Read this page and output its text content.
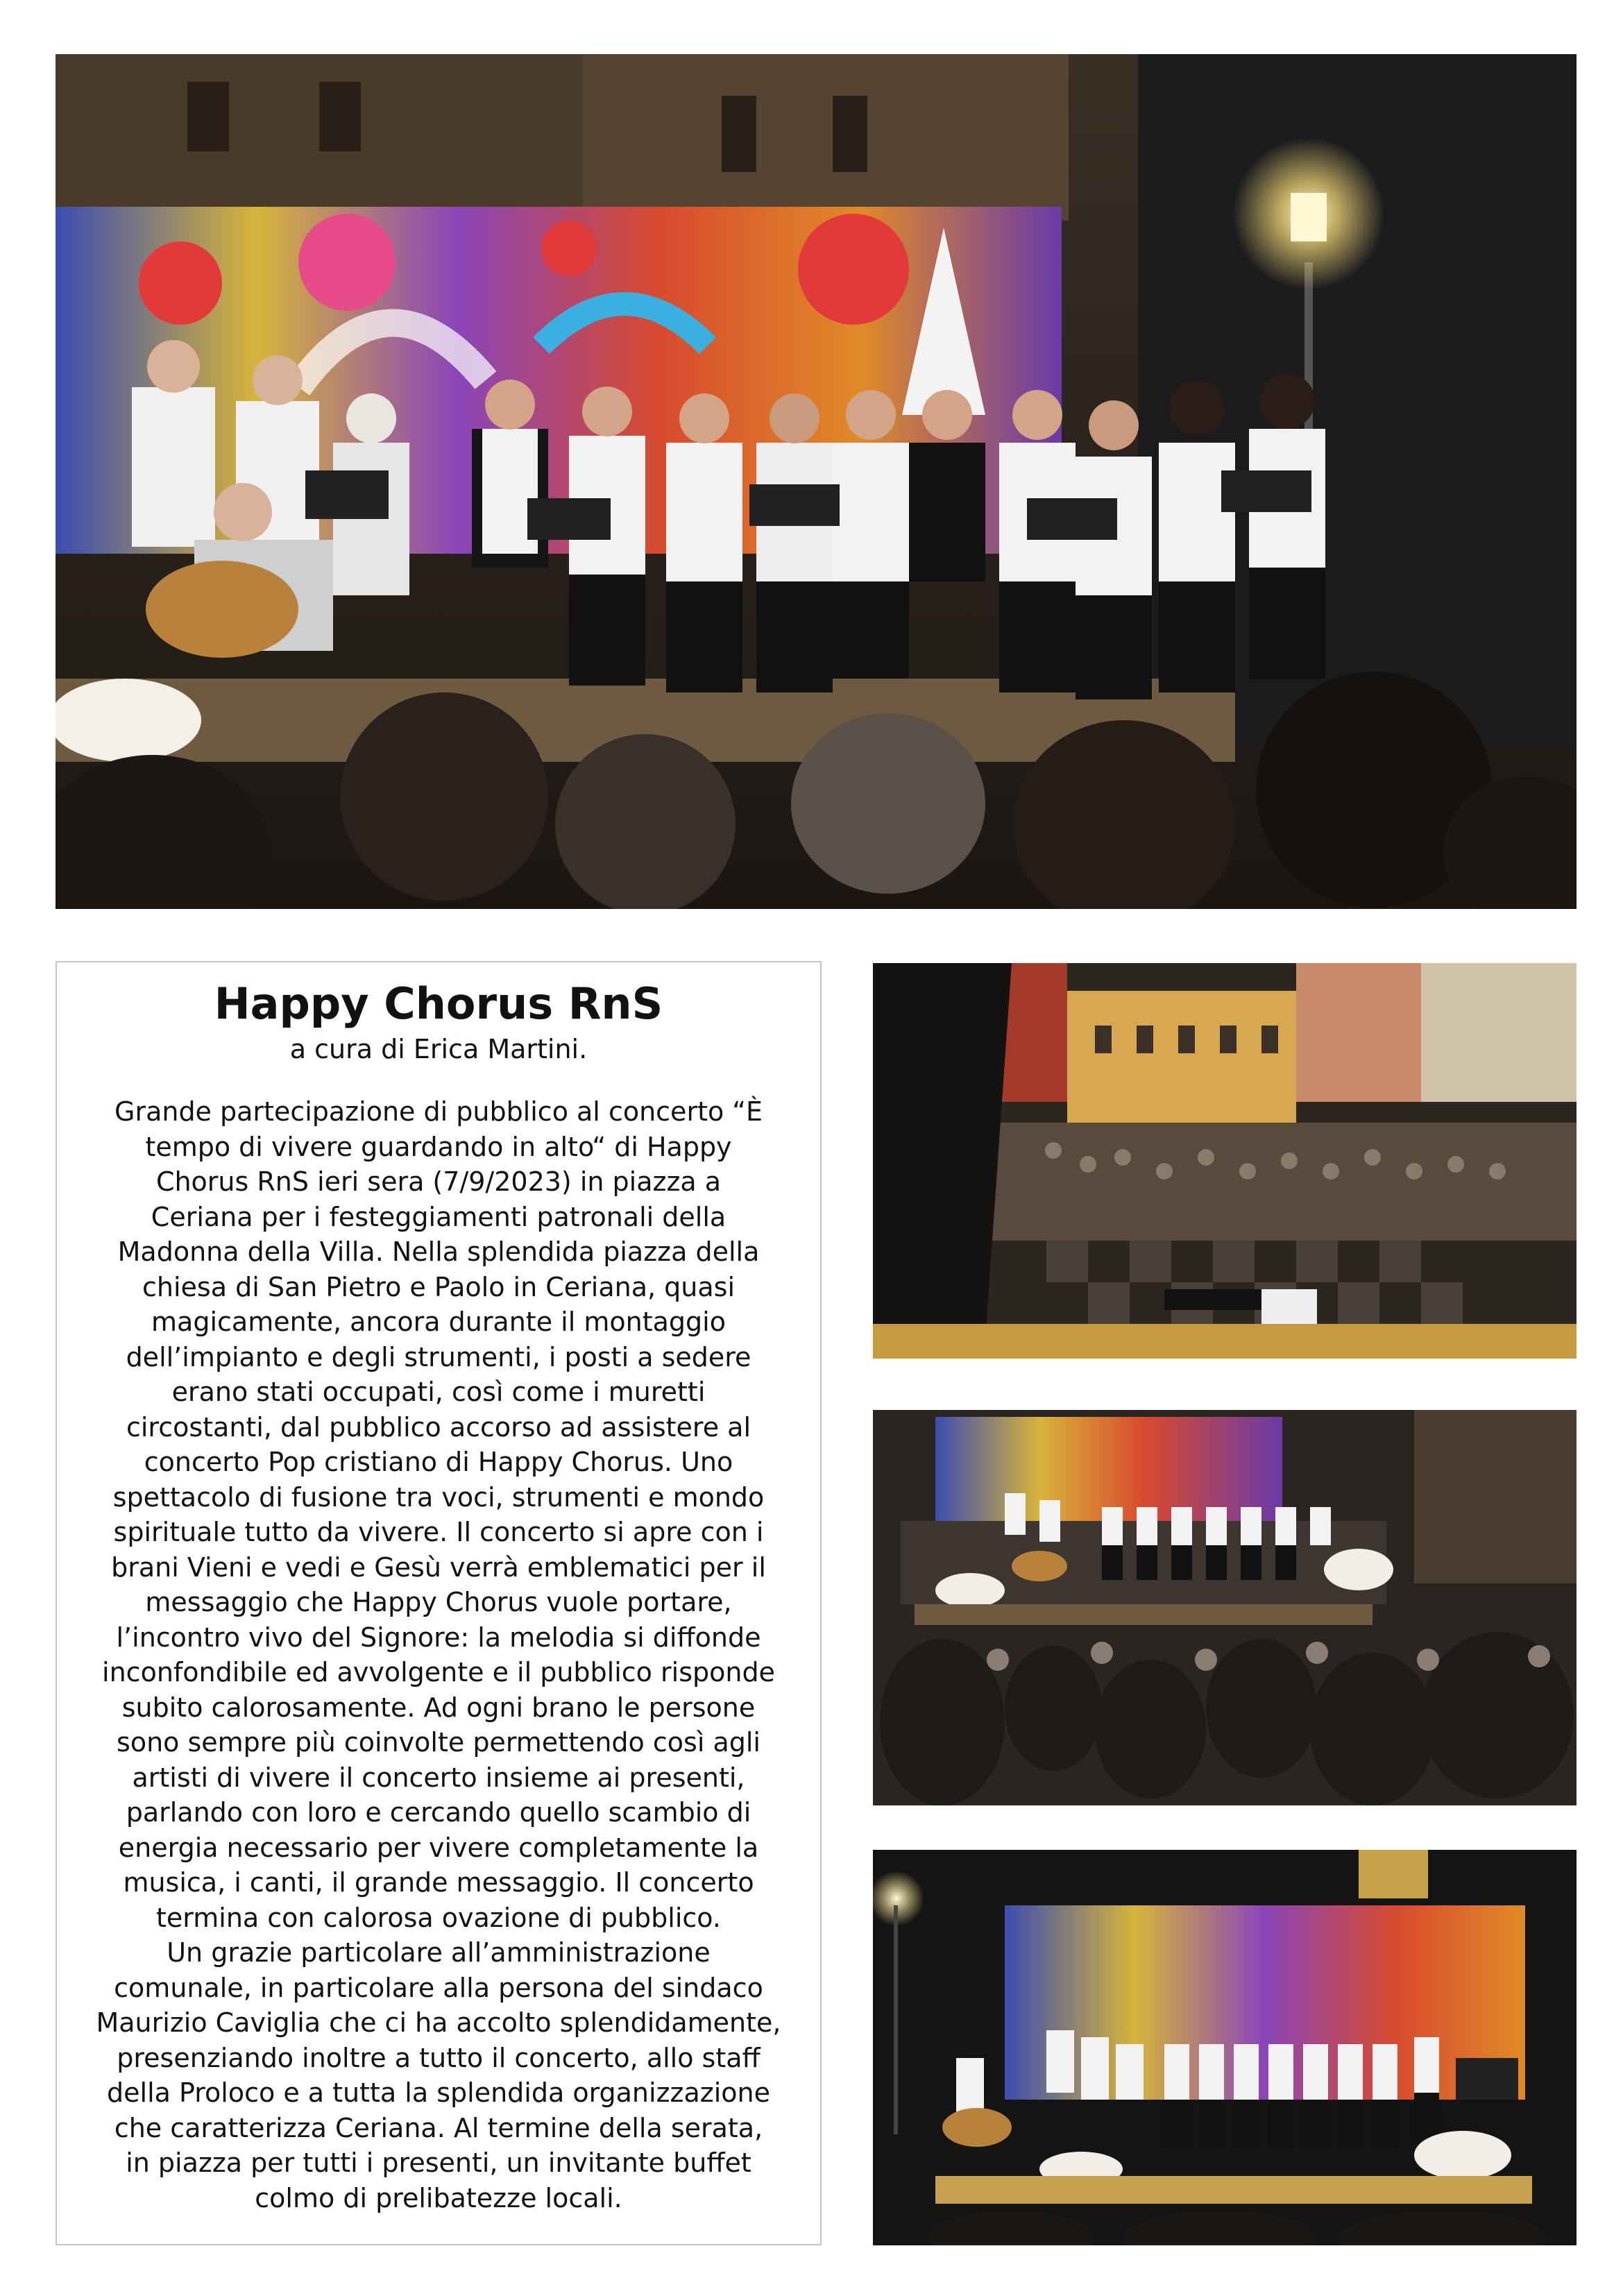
Happy Chorus RnS
a cura di Erica Martini.
Grande partecipazione di pubblico al concerto “È
tempo di vivere guardando in alto“ di Happy
Chorus RnS ieri sera (7/9/2023) in piazza a
Ceriana per i festeggiamenti patronali della
Madonna della Villa. Nella splendida piazza della
chiesa di San Pietro e Paolo in Ceriana, quasi
magicamente, ancora durante il montaggio
dell’impianto e degli strumenti, i posti a sedere
erano stati occupati, così come i muretti
circostanti, dal pubblico accorso ad assistere al
concerto Pop cristiano di Happy Chorus. Uno
spettacolo di fusione tra voci, strumenti e mondo
spirituale tutto da vivere. Il concerto si apre con i
brani Vieni e vedi e Gesù verrà emblematici per il
messaggio che Happy Chorus vuole portare,
l’incontro vivo del Signore: la melodia si diffonde
inconfondibile ed avvolgente e il pubblico risponde
subito calorosamente. Ad ogni brano le persone
sono sempre più coinvolte permettendo così agli
artisti di vivere il concerto insieme ai presenti,
parlando con loro e cercando quello scambio di
energia necessario per vivere completamente la
musica, i canti, il grande messaggio. Il concerto
termina con calorosa ovazione di pubblico.
Un grazie particolare all’amministrazione
comunale, in particolare alla persona del sindaco
Maurizio Caviglia che ci ha accolto splendidamente,
presenziando inoltre a tutto il concerto, allo staff
della Proloco e a tutta la splendida organizzazione
che caratterizza Ceriana. Al termine della serata,
in piazza per tutti i presenti, un invitante buffet
colmo di prelibatezze locali.
